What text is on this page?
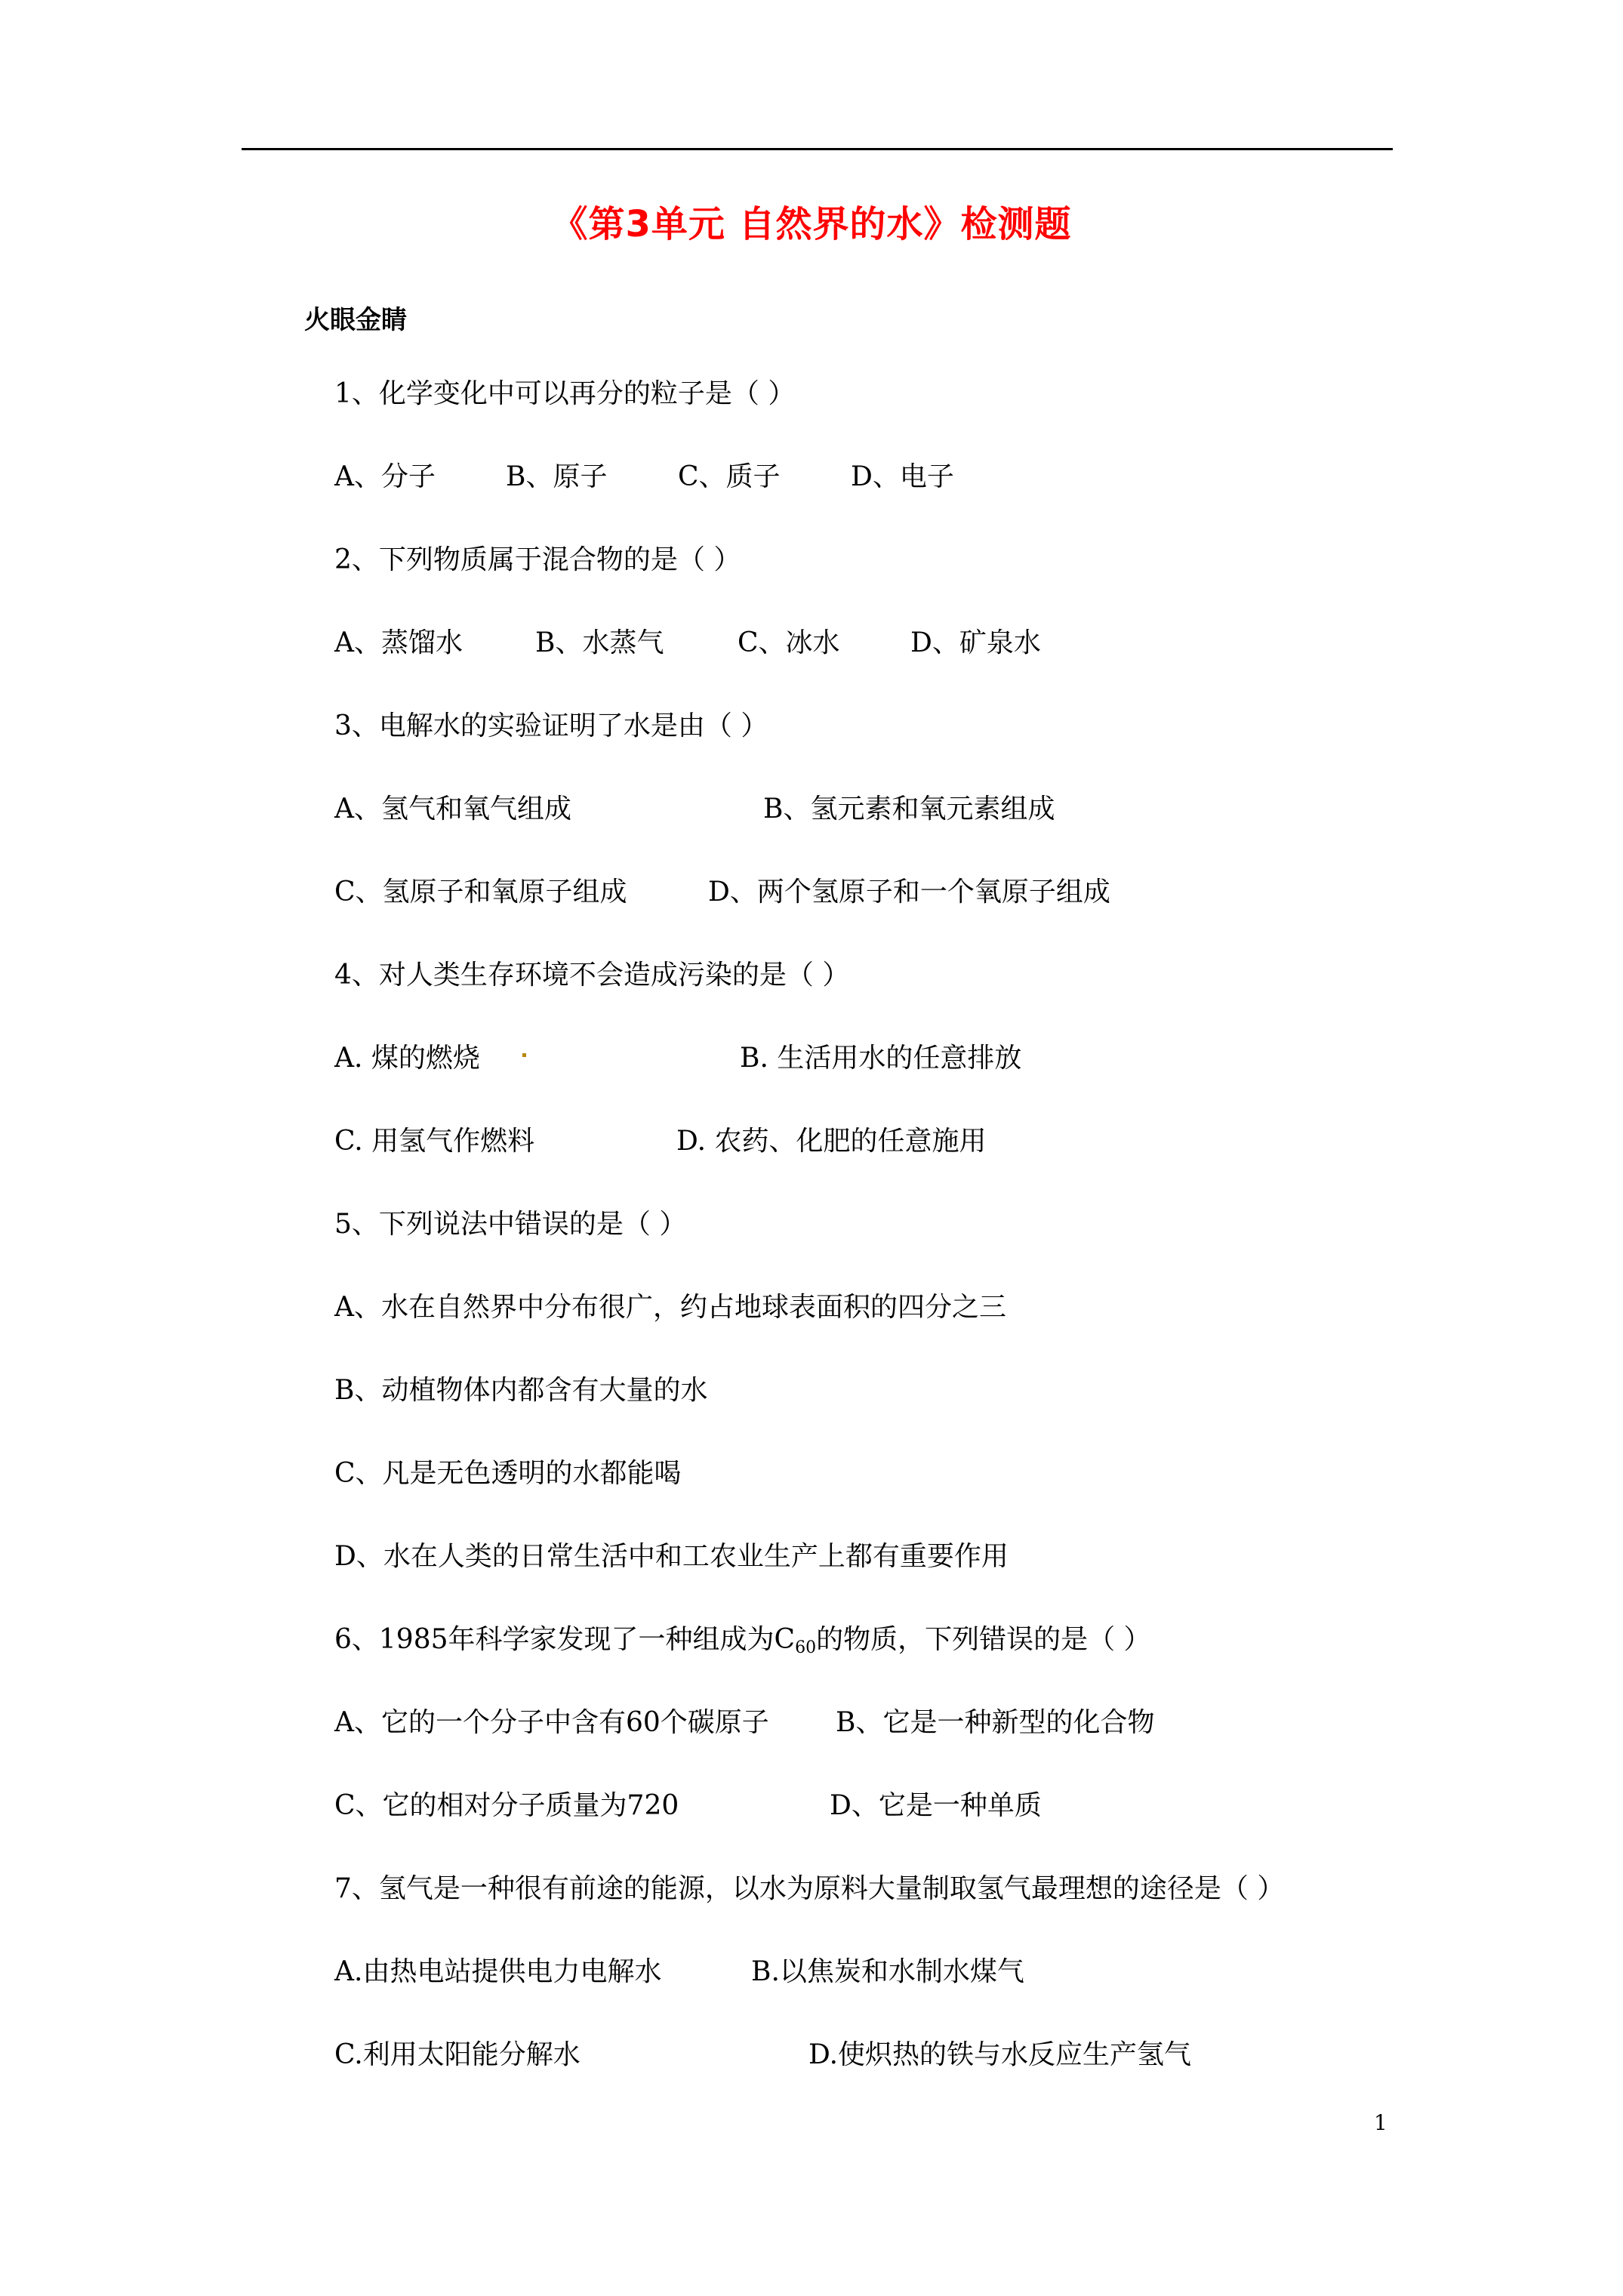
《第3单元 自然界的水》检测题
火眼金睛
1、化学变化中可以再分的粒子是（ ）
A、分子	B、原子	C、质子	D、电子
2、下列物质属于混合物的是（ ）
A、蒸馏水	B、水蒸气	C、冰水	D、矿泉水
3、电解水的实验证明了水是由（ ）
A、氢气和氧气组成	B、氢元素和氧元素组成
C、氢原子和氧原子组成	D、两个氢原子和一个氧原子组成
4、对人类生存环境不会造成污染的是（ ）
A. 煤的燃烧	B. 生活用水的任意排放
C. 用氢气作燃料	D. 农药、化肥的任意施用
5、下列说法中错误的是（ ）
A、水在自然界中分布很广，约占地球表面积的四分之三
B、动植物体内都含有大量的水
C、凡是无色透明的水都能喝
D、水在人类的日常生活中和工农业生产上都有重要作用
6、1985年科学家发现了一种组成为$C_{60}$的物质，下列错误的是（ ）
A、它的一个分子中含有60个碳原子 B、它是一种新型的化合物
C、它的相对分子质量为720	D、它是一种单质
7、氢气是一种很有前途的能源，以水为原料大量制取氢气最理想的途径是（ ）
A.由热电站提供电力电解水	B.以焦炭和水制水煤气
C.利用太阳能分解水	D.使炽热的铁与水反应生产氢气
1
